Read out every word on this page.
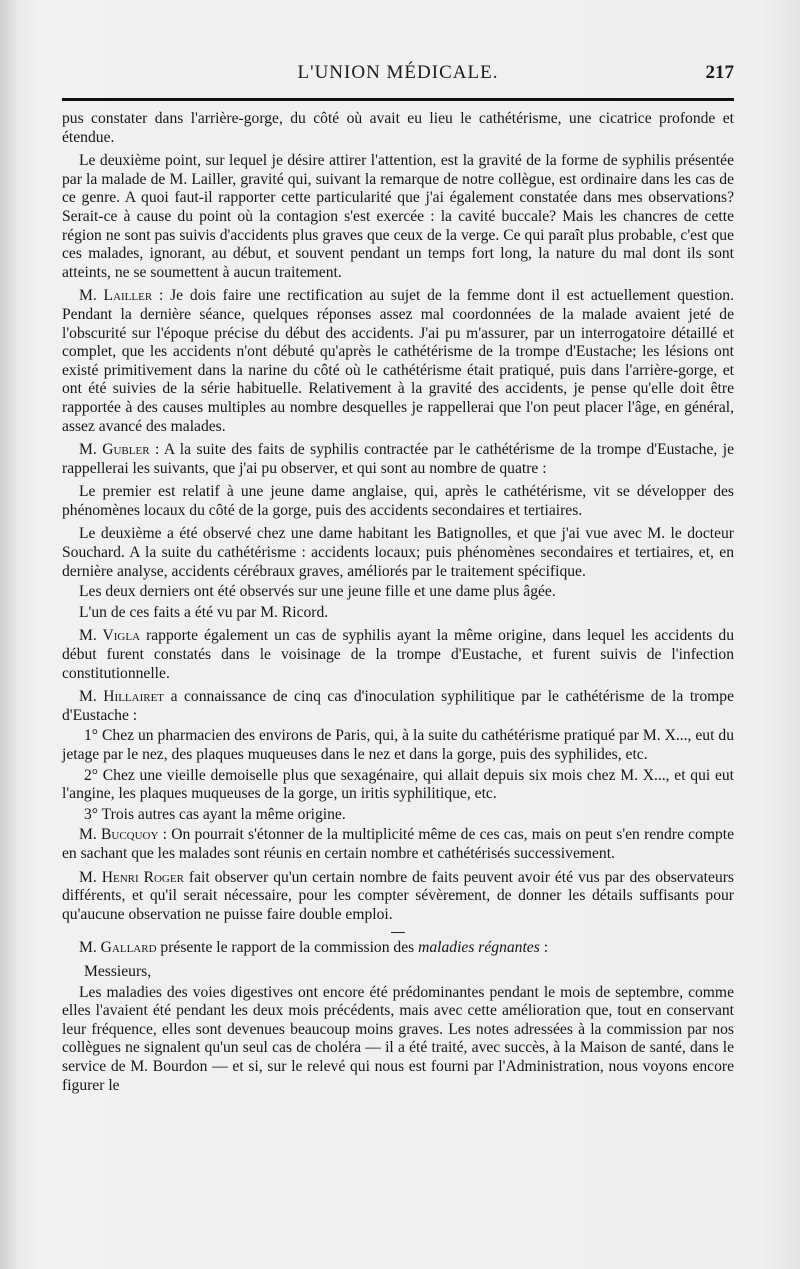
L'UNION MÉDICALE.	217

pus constater dans l'arrière-gorge, du côté où avait eu lieu le cathétérisme, une cicatrice profonde et étendue.

Le deuxième point, sur lequel je désire attirer l'attention, est la gravité de la forme de syphilis présentée par la malade de M. Lailler, gravité qui, suivant la remarque de notre collègue, est ordinaire dans les cas de ce genre. A quoi faut-il rapporter cette particularité que j'ai également constatée dans mes observations? Serait-ce à cause du point où la contagion s'est exercée : la cavité buccale? Mais les chancres de cette région ne sont pas suivis d'accidents plus graves que ceux de la verge. Ce qui paraît plus probable, c'est que ces malades, ignorant, au début, et souvent pendant un temps fort long, la nature du mal dont ils sont atteints, ne se soumettent à aucun traitement.

M. Lailler : Je dois faire une rectification au sujet de la femme dont il est actuellement question. Pendant la dernière séance, quelques réponses assez mal coordonnées de la malade avaient jeté de l'obscurité sur l'époque précise du début des accidents. J'ai pu m'assurer, par un interrogatoire détaillé et complet, que les accidents n'ont débuté qu'après le cathétérisme de la trompe d'Eustache; les lésions ont existé primitivement dans la narine du côté où le cathétérisme était pratiqué, puis dans l'arrière-gorge, et ont été suivies de la série habituelle. Relativement à la gravité des accidents, je pense qu'elle doit être rapportée à des causes multiples au nombre desquelles je rappellerai que l'on peut placer l'âge, en général, assez avancé des malades.

M. Gubler : A la suite des faits de syphilis contractée par le cathétérisme de la trompe d'Eustache, je rappellerai les suivants, que j'ai pu observer, et qui sont au nombre de quatre :

Le premier est relatif à une jeune dame anglaise, qui, après le cathétérisme, vit se développer des phénomènes locaux du côté de la gorge, puis des accidents secondaires et tertiaires.

Le deuxième a été observé chez une dame habitant les Batignolles, et que j'ai vue avec M. le docteur Souchard. A la suite du cathétérisme : accidents locaux; puis phénomènes secondaires et tertiaires, et, en dernière analyse, accidents cérébraux graves, améliorés par le traitement spécifique.

Les deux derniers ont été observés sur une jeune fille et une dame plus âgée.

L'un de ces faits a été vu par M. Ricord.

M. Vigla rapporte également un cas de syphilis ayant la même origine, dans lequel les accidents du début furent constatés dans le voisinage de la trompe d'Eustache, et furent suivis de l'infection constitutionnelle.

M. Hillairet a connaissance de cinq cas d'inoculation syphilitique par le cathétérisme de la trompe d'Eustache :

1° Chez un pharmacien des environs de Paris, qui, à la suite du cathétérisme pratiqué par M. X..., eut du jetage par le nez, des plaques muqueuses dans le nez et dans la gorge, puis des syphilides, etc.

2° Chez une vieille demoiselle plus que sexagénaire, qui allait depuis six mois chez M. X..., et qui eut l'angine, les plaques muqueuses de la gorge, un iritis syphilitique, etc.

3° Trois autres cas ayant la même origine.

M. Bucquoy : On pourrait s'étonner de la multiplicité même de ces cas, mais on peut s'en rendre compte en sachant que les malades sont réunis en certain nombre et cathétérisés successivement.

M. Henri Roger fait observer qu'un certain nombre de faits peuvent avoir été vus par des observateurs différents, et qu'il serait nécessaire, pour les compter sévèrement, de donner les détails suffisants pour qu'aucune observation ne puisse faire double emploi.

M. Gallard présente le rapport de la commission des maladies régnantes :

Messieurs,

Les maladies des voies digestives ont encore été prédominantes pendant le mois de septembre, comme elles l'avaient été pendant les deux mois précédents, mais avec cette amélioration que, tout en conservant leur fréquence, elles sont devenues beaucoup moins graves. Les notes adressées à la commission par nos collègues ne signalent qu'un seul cas de choléra — il a été traité, avec succès, à la Maison de santé, dans le service de M. Bourdon — et si, sur le relevé qui nous est fourni par l'Administration, nous voyons encore figurer le
